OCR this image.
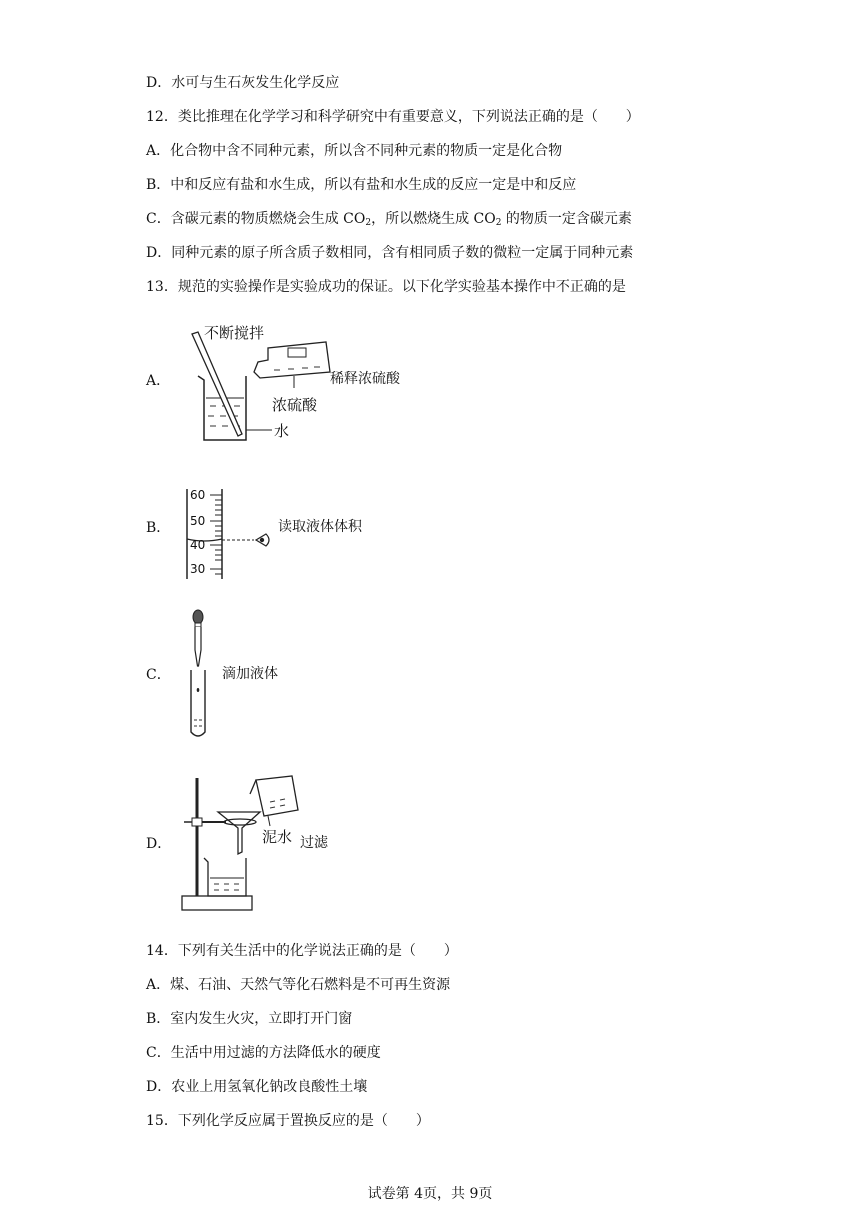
D．水可与生石灰发生化学反应
12．类比推理在化学学习和科学研究中有重要意义，下列说法正确的是（　　）
A．化合物中含不同种元素，所以含不同种元素的物质一定是化合物
B．中和反应有盐和水生成，所以有盐和水生成的反应一定是中和反应
C．含碳元素的物质燃烧会生成 $CO_2$，所以燃烧生成 $CO_2$ 的物质一定含碳元素
D．同种元素的原子所含质子数相同，含有相同质子数的微粒一定属于同种元素
13．规范的实验操作是实验成功的保证。以下化学实验基本操作中不正确的是
A．
不断搅拌
浓硫酸
水
稀释浓硫酸
B．
60
50
40
30
读取液体体积
C．	滴加液体
D．	泥水 过滤
14．下列有关生活中的化学说法正确的是（　　）
A．煤、石油、天然气等化石燃料是不可再生资源
B．室内发生火灾，立即打开门窗
C．生活中用过滤的方法降低水的硬度
D．农业上用氢氧化钠改良酸性土壤
15．下列化学反应属于置换反应的是（　　）
试卷第 4页，共 9页
